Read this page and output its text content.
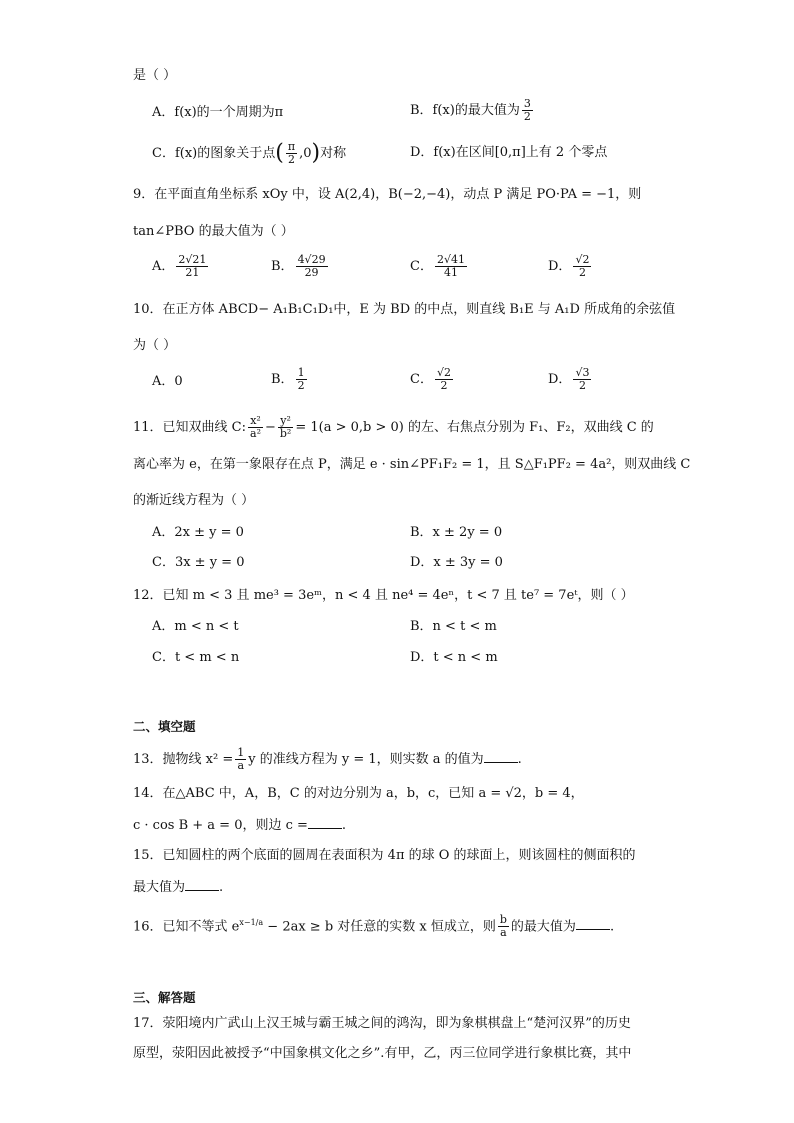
是（ ）
A．f(x)的一个周期为π	B．f(x)的最大值为 $\frac{3}{2}$
C．f(x)的图象关于点( $\frac{\pi}{2} ,0$)对称	D．f(x)在区间[0,π]上有 2 个零点
9．在平面直角坐标系 xOy 中，设 A(2,4)，B(−2,−4)，动点 P 满足 PO·PA = −1，则
tan∠PBO 的最大值为（ ）
A． $\frac{2√21}{21}$	B． $\frac{4√29}{29}$	C． $\frac{2√41}{41}$	D． $\frac{√2}{2}$
10．在正方体 ABCD− A₁B₁C₁D₁中，E 为 BD 的中点，则直线 B₁E 与 A₁D 所成角的余弦值
为（ ）
A．0	B． $\frac{1}{2}$	C． $\frac{√2}{2}$	D． $\frac{√3}{2}$
11．已知双曲线 C: $\frac{\text{x²}}{\text{a²}} - \frac{\text{y²}}{\text{b²}} = 1(a > 0,b > 0)$ 的左、右焦点分别为 F₁、F₂，双曲线 C 的
离心率为 e，在第一象限存在点 P，满足 e · sin∠PF₁F₂ = 1，且 S△F₁PF₂ = 4a²，则双曲线 C
的渐近线方程为（ ）
A．2x ± y = 0	B．x ± 2y = 0
C．3x ± y = 0	D．x ± 3y = 0
12．已知 m < 3 且 me³ = 3eᵐ，n < 4 且 ne⁴ = 4eⁿ，t < 7 且 te⁷ = 7eᵗ，则（ ）
A．m < n < t	B．n < t < m
C．t < m < n	D．t < n < m
二、填空题
13．抛物线 $x^2 = \frac{1}{a}$ y 的准线方程为 y = 1，则实数 a 的值为	.
14．在△ABC 中，A，B，C 的对边分别为 a，b，c，已知 a = √2，b = 4，
c · cos B + a = 0，则边 c =	.
15．已知圆柱的两个底面的圆周在表面积为 4π 的球 O 的球面上，则该圆柱的侧面积的
最大值为	.
16．已知不等式 $e^{x-1/a} - 2ax \ge b$ 对任意的实数 x 恒成立，则 $\frac{b}{a}$ 的最大值为	.
三、解答题
17．荥阳境内广武山上汉王城与霸王城之间的鸿沟，即为象棋棋盘上“楚河汉界”的历史
原型，荥阳因此被授予“中国象棋文化之乡”.有甲，乙，丙三位同学进行象棋比赛，其中
